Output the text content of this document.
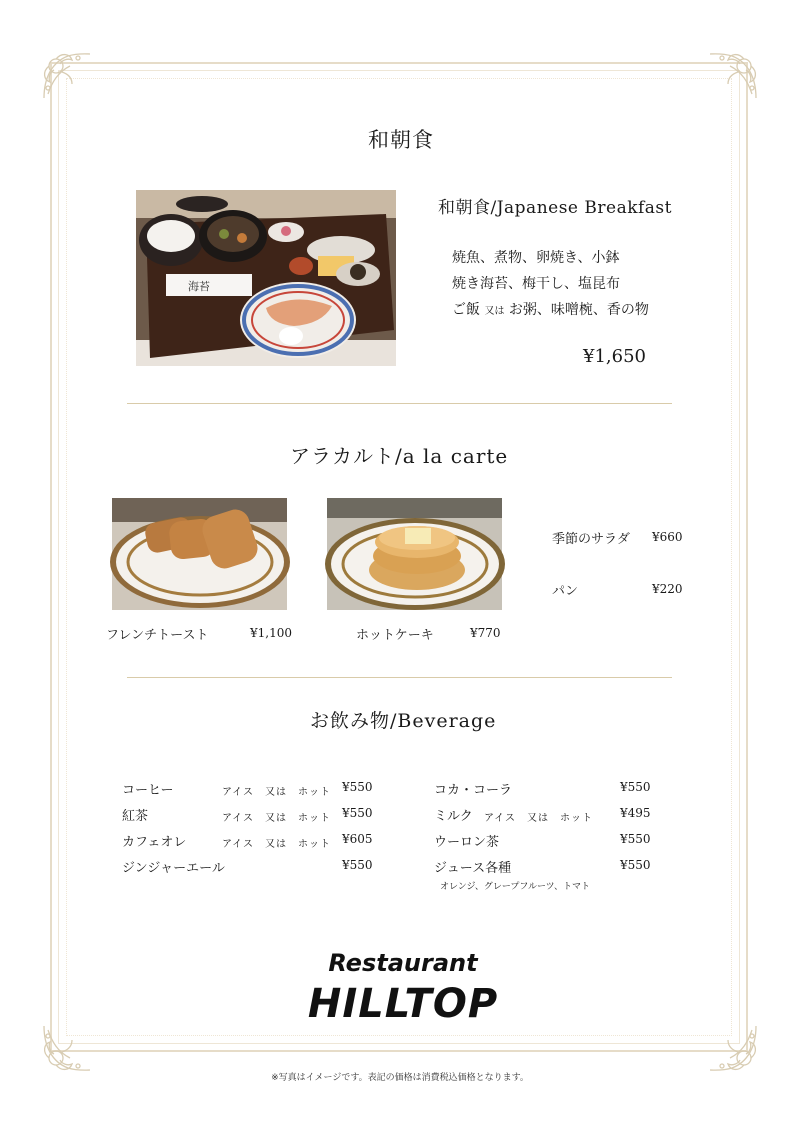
和朝食
海苔
和朝食/Japanese Breakfast
焼魚、煮物、卵焼き、小鉢
焼き海苔、梅干し、塩昆布
ご飯 又は お粥、味噌椀、香の物
¥1,650
アラカルト/a la carte
フレンチトースト	¥1,100	ホットケーキ	¥770
季節のサラダ ¥660
パン	¥220
お飲み物/Beverage
コーヒー	アイス　又は　ホット ¥550
紅茶	アイス　又は　ホット ¥550
カフェオレ	アイス　又は　ホット ¥605
ジンジャーエール	¥550
コカ・コーラ	¥550
ミルク アイス　又は　ホット ¥495
ウーロン茶	¥550
ジュース各種	¥550
オレンジ、グレープフルーツ、トマト
Restaurant
HILLTOP
※写真はイメージです。表記の価格は消費税込価格となります。
